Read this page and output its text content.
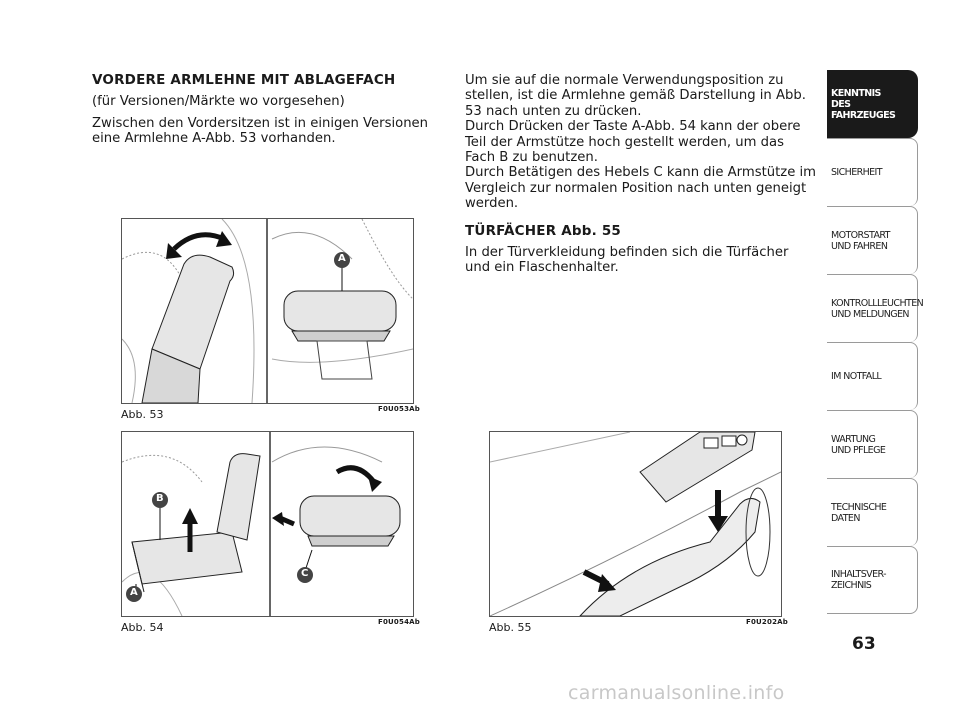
VORDERE ARMLEHNE MIT ABLAGEFACH

(für Versionen/Märkte wo vorgesehen)

Zwischen den Vordersitzen ist in einigen Versionen eine Armlehne A-Abb. 53 vorhanden.

Um sie auf die normale Verwendungsposition zu stellen, ist die Armlehne gemäß Darstellung in Abb. 53 nach unten zu drücken.

Durch Drücken der Taste A-Abb. 54 kann der obere Teil der Armstütze hoch gestellt werden, um das Fach B zu benutzen.

Durch Betätigen des Hebels C kann die Armstütze im Vergleich zur normalen Position nach unten geneigt werden.

TÜRFÄCHER Abb. 55

In der Türverkleidung befinden sich die Türfächer und ein Flaschenhalter.

A
Abb. 53	F0U053Ab
B
A
C
Abb. 54	F0U054Ab	Abb. 55	F0U202Ab
KENNTNIS
DES FAHRZEUGES
SICHERHEIT
MOTORSTART
UND FAHREN
KONTROLLLEUCHTEN
UND MELDUNGEN
IM NOTFALL
WARTUNG
UND PFLEGE
TECHNISCHE
DATEN
INHALTSVER-
ZEICHNIS
63
carmanualsonline.info
